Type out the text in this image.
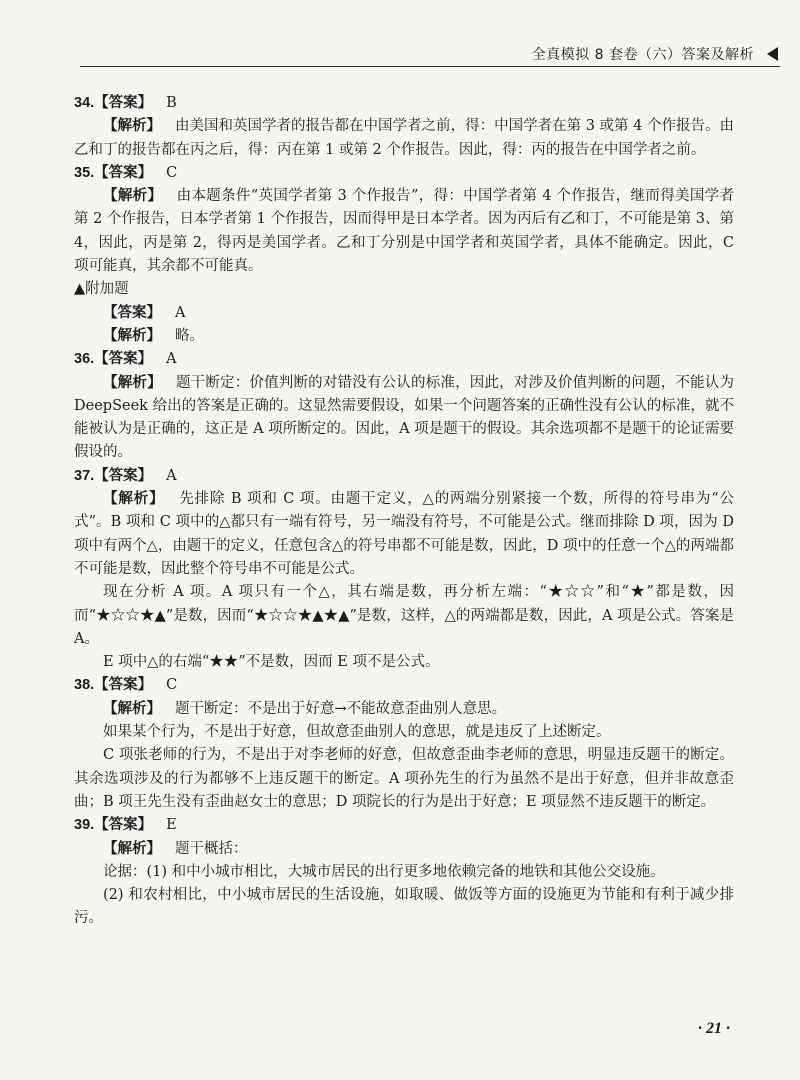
全真模拟 8 套卷（六）答案及解析

34.【答案】 B

【解析】 由美国和英国学者的报告都在中国学者之前，得：中国学者在第 3 或第 4 个作报告。由乙和丁的报告都在丙之后，得：丙在第 1 或第 2 个作报告。因此，得：丙的报告在中国学者之前。

35.【答案】 C

【解析】 由本题条件“英国学者第 3 个作报告”，得：中国学者第 4 个作报告，继而得美国学者第 2 个作报告，日本学者第 1 个作报告，因而得甲是日本学者。因为丙后有乙和丁，不可能是第 3、第 4，因此，丙是第 2，得丙是美国学者。乙和丁分别是中国学者和英国学者，具体不能确定。因此，C 项可能真，其余都不可能真。

▲附加题

【答案】 A

【解析】 略。

36.【答案】 A

【解析】 题干断定：价值判断的对错没有公认的标准，因此，对涉及价值判断的问题，不能认为 DeepSeek 给出的答案是正确的。这显然需要假设，如果一个问题答案的正确性没有公认的标准，就不能被认为是正确的，这正是 A 项所断定的。因此，A 项是题干的假设。其余选项都不是题干的论证需要假设的。

37.【答案】 A

【解析】 先排除 B 项和 C 项。由题干定义，△的两端分别紧接一个数，所得的符号串为“公式”。B 项和 C 项中的△都只有一端有符号，另一端没有符号，不可能是公式。继而排除 D 项，因为 D 项中有两个△，由题干的定义，任意包含△的符号串都不可能是数，因此，D 项中的任意一个△的两端都不可能是数，因此整个符号串不可能是公式。

现在分析 A 项。A 项只有一个△，其右端是数，再分析左端：“★☆☆”和“★”都是数，因而“★☆☆★▲”是数，因而“★☆☆★▲★▲”是数，这样，△的两端都是数，因此，A 项是公式。答案是 A。

E 项中△的右端“★★”不是数，因而 E 项不是公式。

38.【答案】 C

【解析】 题干断定：不是出于好意→不能故意歪曲别人意思。

如果某个行为，不是出于好意，但故意歪曲别人的意思，就是违反了上述断定。

C 项张老师的行为，不是出于对李老师的好意，但故意歪曲李老师的意思，明显违反题干的断定。其余选项涉及的行为都够不上违反题干的断定。A 项孙先生的行为虽然不是出于好意，但并非故意歪曲；B 项王先生没有歪曲赵女士的意思；D 项院长的行为是出于好意；E 项显然不违反题干的断定。

39.【答案】 E

【解析】 题干概括：

论据：(1) 和中小城市相比，大城市居民的出行更多地依赖完备的地铁和其他公交设施。

(2) 和农村相比，中小城市居民的生活设施，如取暖、做饭等方面的设施更为节能和有利于减少排污。

· 21 ·
